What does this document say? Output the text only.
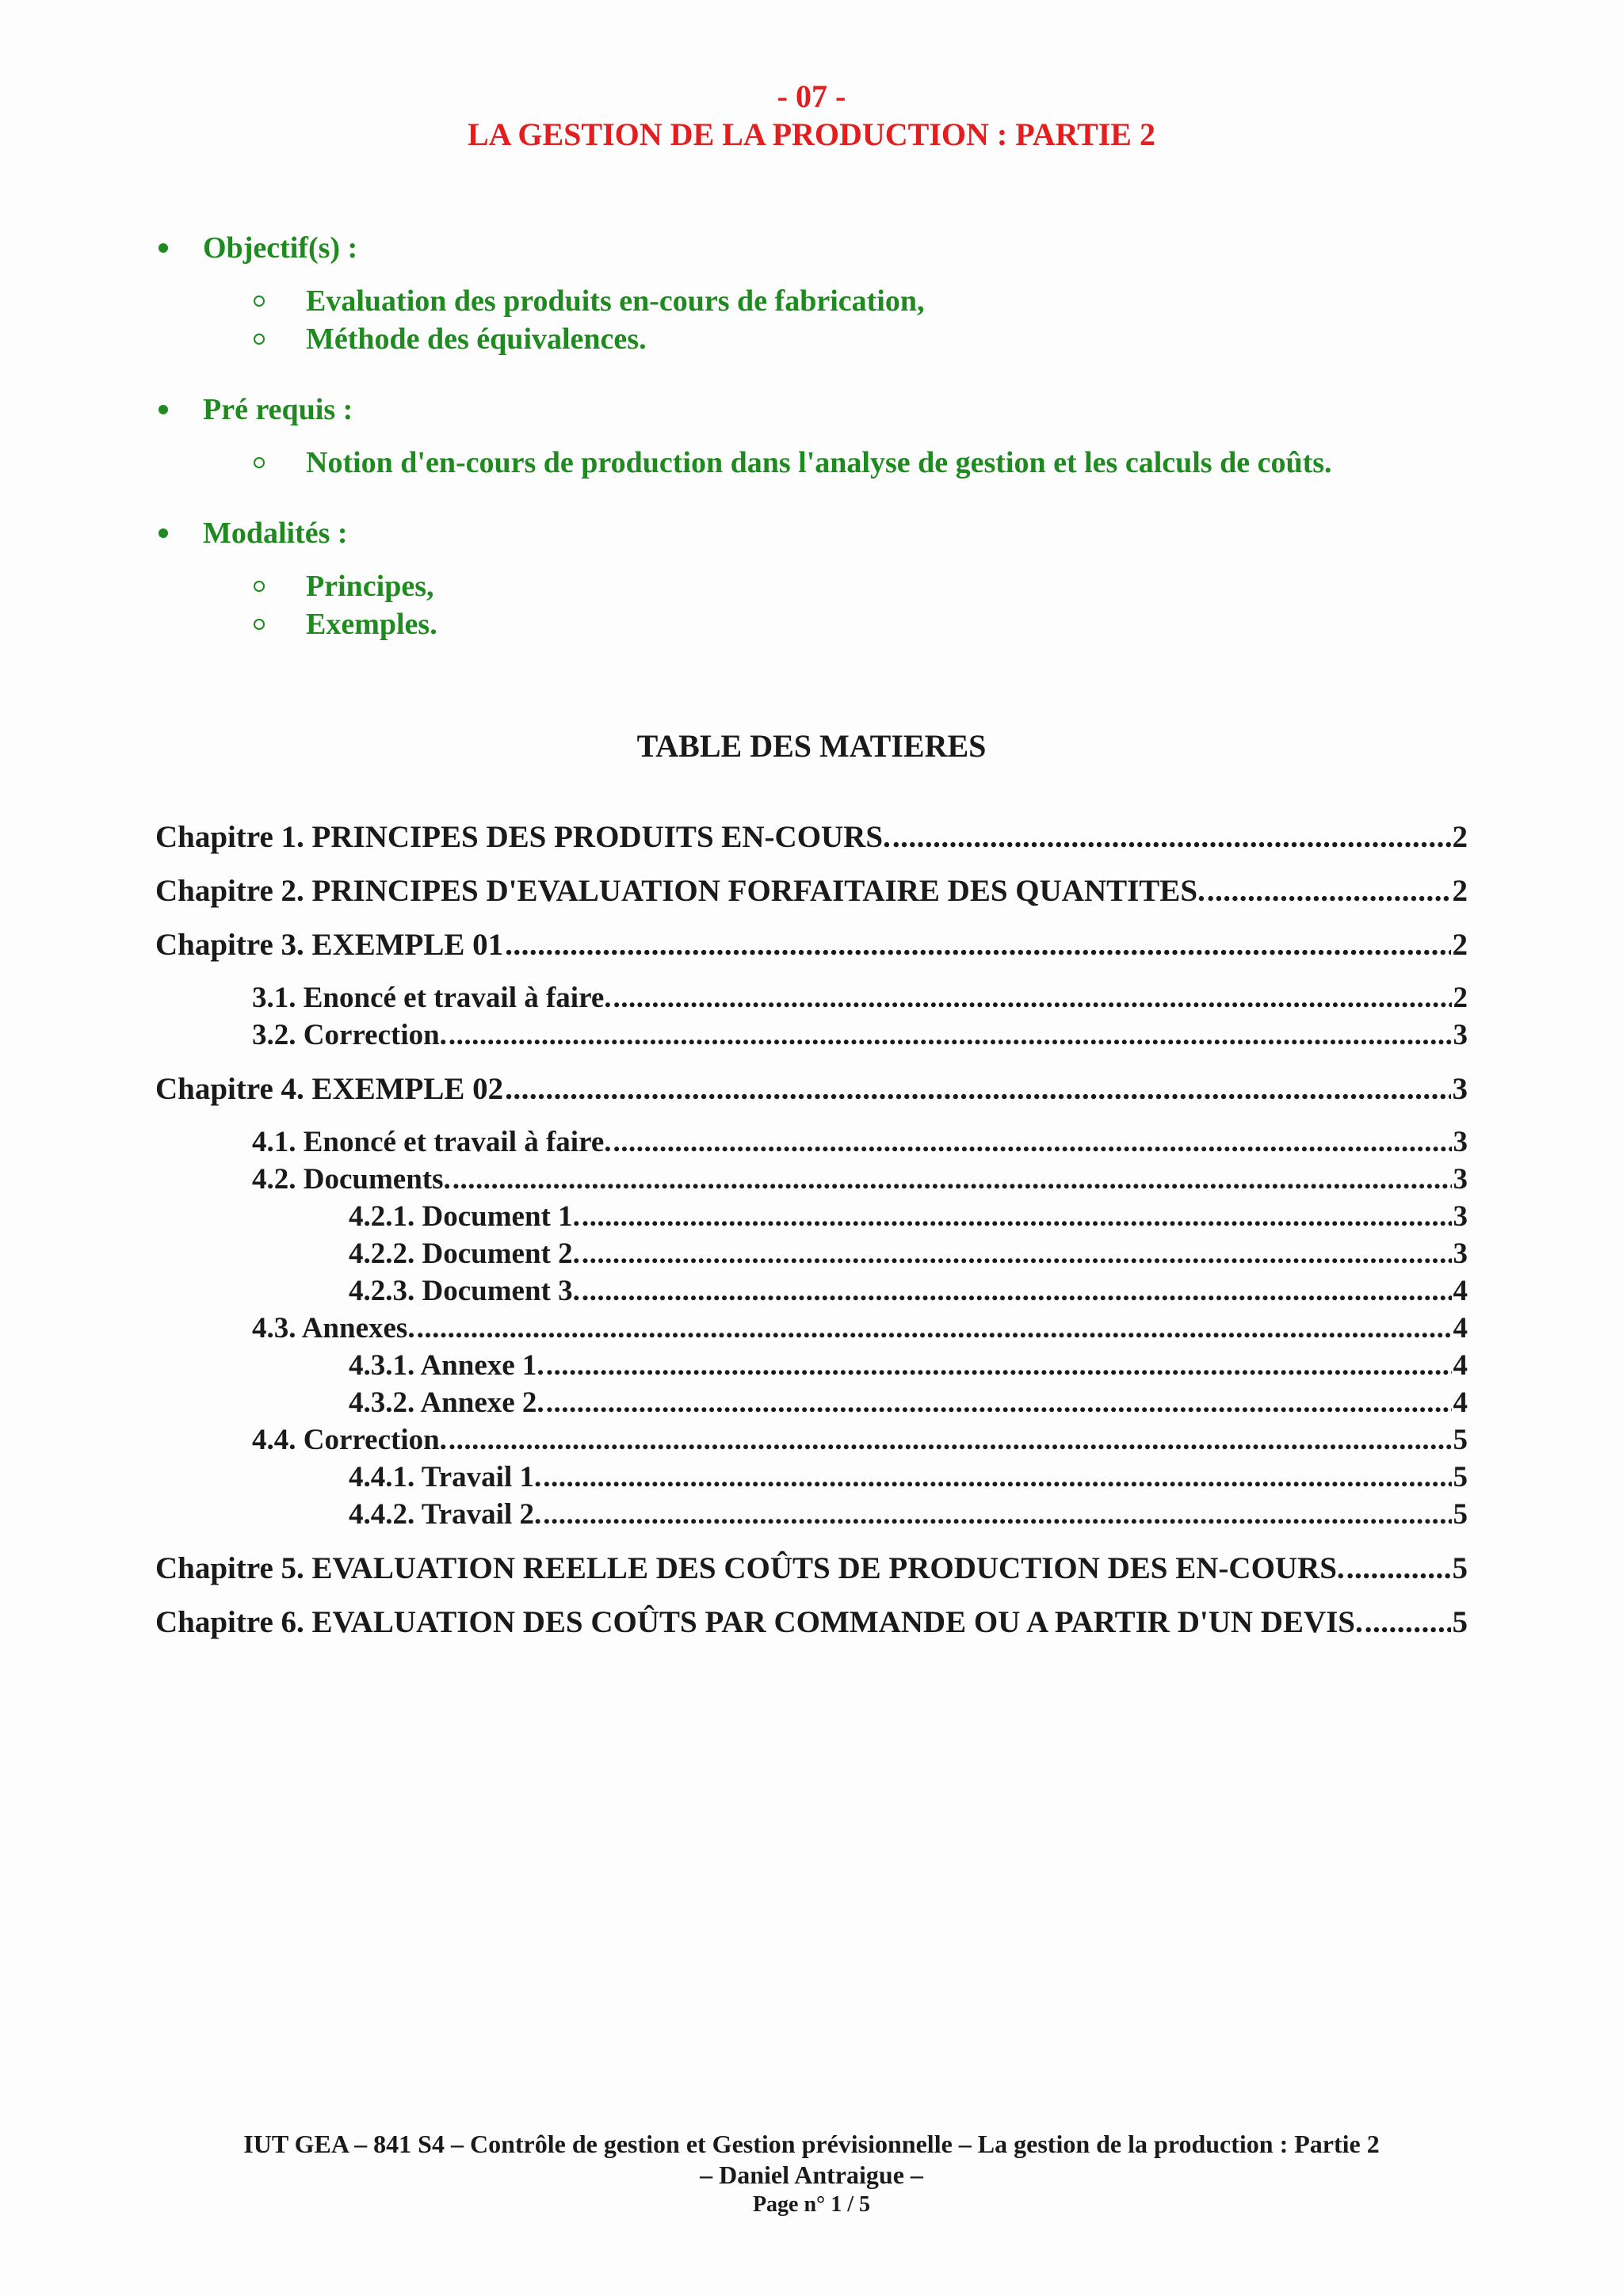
- 07 -
LA GESTION DE LA PRODUCTION : PARTIE 2
Objectif(s) :
Evaluation des produits en-cours de fabrication,
Méthode des équivalences.
Pré requis :
Notion d'en-cours de production dans l'analyse de gestion et les calculs de coûts.
Modalités :
Principes,
Exemples.
TABLE DES MATIERES
Chapitre 1. PRINCIPES DES PRODUITS EN-COURS. .....	2
Chapitre 2. PRINCIPES D'EVALUATION FORFAITAIRE DES QUANTITES. .....	2
Chapitre 3. EXEMPLE 01 .....	2
3.1. Enoncé et travail à faire. .....	2
3.2. Correction. .....	3
Chapitre 4. EXEMPLE 02 .....	3
4.1. Enoncé et travail à faire. .....	3
4.2. Documents. .....	3
4.2.1. Document 1. .....	3
4.2.2. Document 2. .....	3
4.2.3. Document 3. .....	4
4.3. Annexes. .....	4
4.3.1. Annexe 1. .....	4
4.3.2. Annexe 2. .....	4
4.4. Correction. .....	5
4.4.1. Travail 1. .....	5
4.4.2. Travail 2. .....	5
Chapitre 5. EVALUATION REELLE DES COÛTS DE PRODUCTION DES EN-COURS. .....	5
Chapitre 6. EVALUATION DES COÛTS PAR COMMANDE OU A PARTIR D'UN DEVIS. .....	5
IUT GEA – 841 S4 – Contrôle de gestion et Gestion prévisionnelle – La gestion de la production : Partie 2
– Daniel Antraigue –
Page n° 1 / 5
